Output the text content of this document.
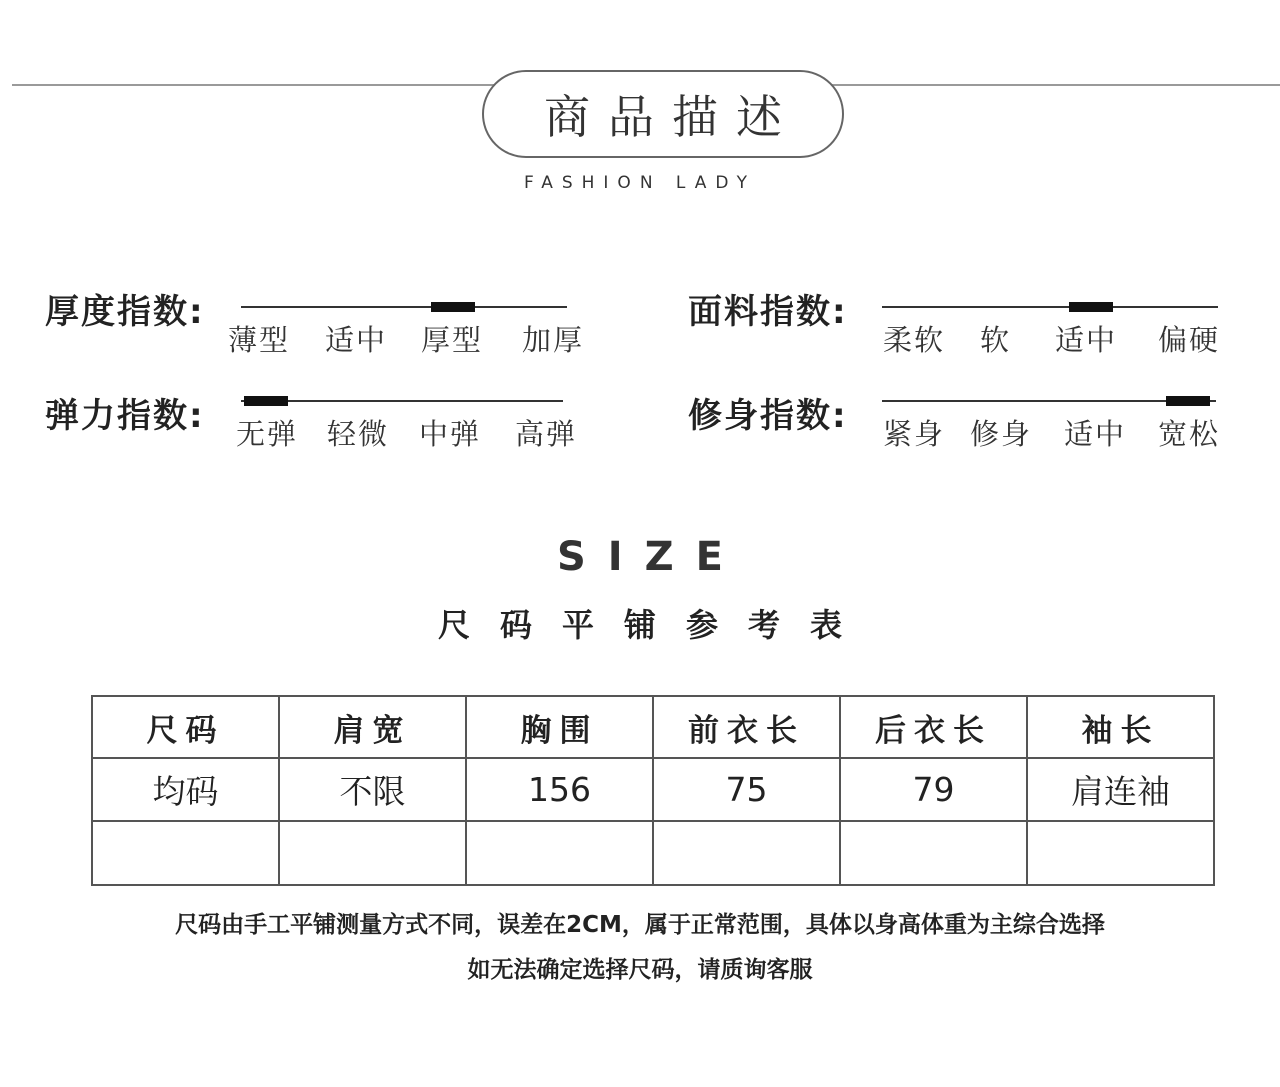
商品描述
FASHION LADY
厚度指数:
薄型 适中 厚型 加厚
面料指数:
柔软 软 适中 偏硬
弹力指数: 无弹 轻微 中弹 高弹	修身指数: 紧身 修身 适中 宽松
SIZE
尺码平铺参考表
尺码	肩宽	胸围	前衣长	后衣长	袖长
均码	不限	156	75	79	肩连袖

尺码由手工平铺测量方式不同，误差在2CM，属于正常范围，具体以身高体重为主综合选择
如无法确定选择尺码，请质询客服
